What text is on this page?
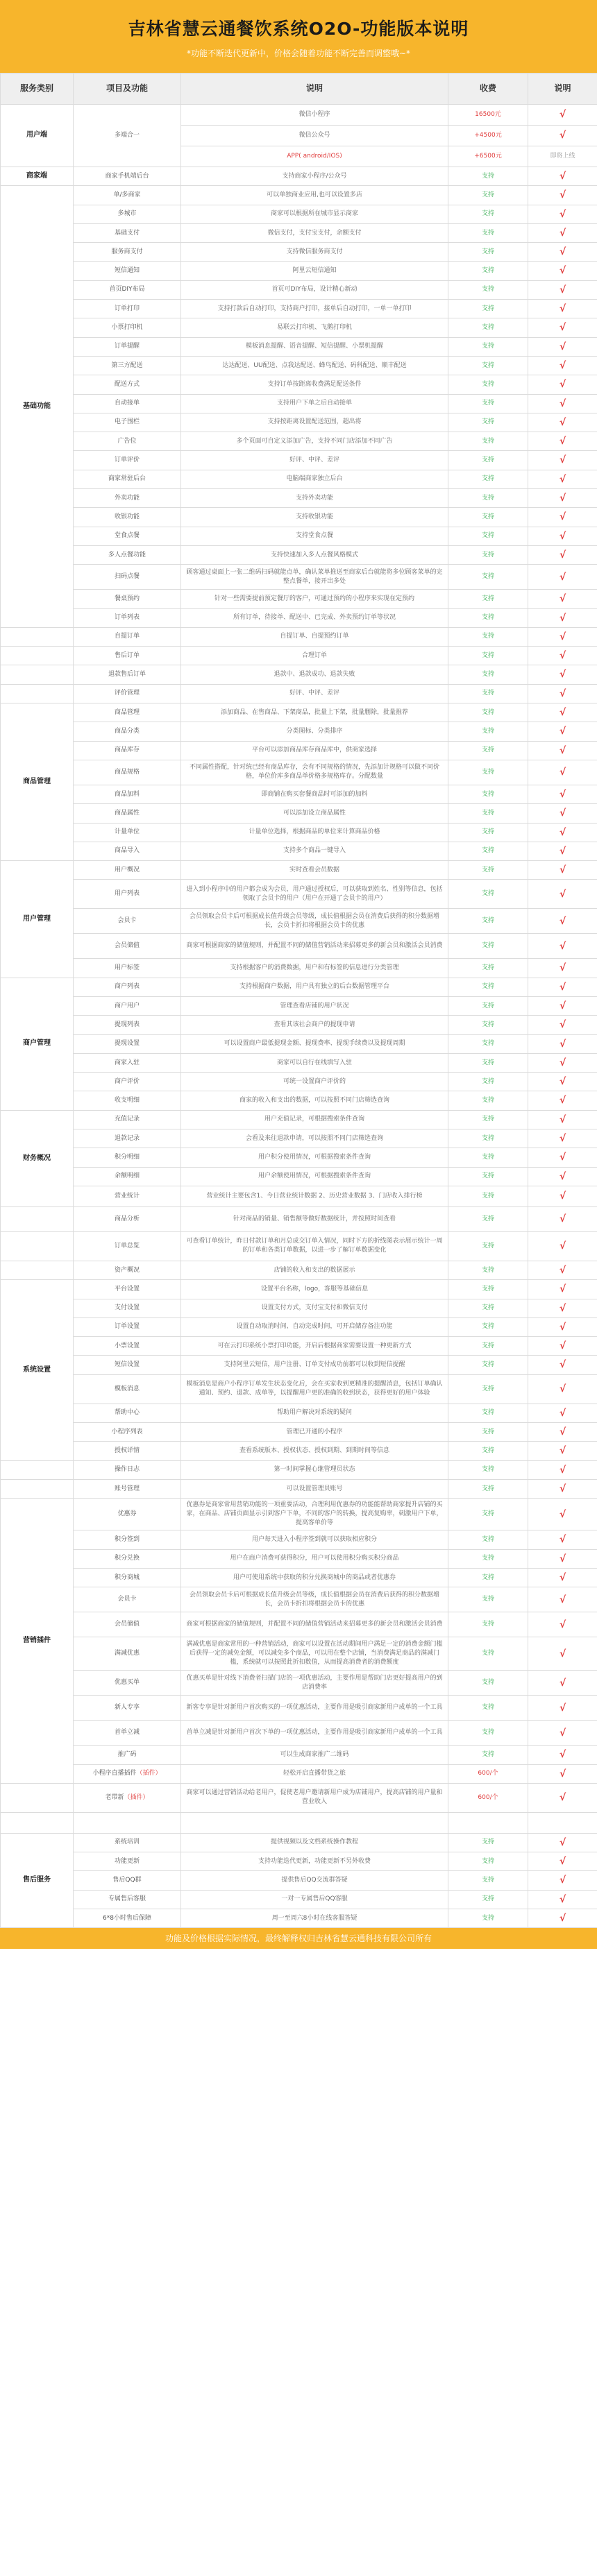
吉林省慧云通餐饮系统O2O-功能版本说明
*功能不断迭代更新中，价格会随着功能不断完善而调整哦~*
服务类别	项目及功能	说明	收费	说明
用户端	多端合一	微信小程序	16500元	√
		微信公众号	+4500元	√
		APP( android/IOS)	+6500元	即将上线
商家端	商家手机端后台	支持商家小程序/公众号	支持	√
基础功能	单/多商家	可以单独商业应用,也可以设置多店	支持	√
	多城市	商家可以根据所在城市显示商家	支持	√
	基础支付	微信支付，支付宝支付，余额支付	支持	√
	服务商支付	支持微信服务商支付	支持	√
	短信通知	阿里云短信通知	支持	√
	首页DIY布局	首页可DIY布局，设计精心新动	支持	√
	订单打印	支持打款后自动打印，支持商户打印，接单后自动打印，一单一单打印	支持	√
	小票打印机	易联云打印机、飞鹅打印机	支持	√
	订单提醒	模板消息提醒、语音提醒、短信提醒、小票机提醒	支持	√
	第三方配送	达达配送、UU配送、点我达配送、蜂鸟配送、码科配送、顺丰配送	支持	√
	配送方式	支持订单按距离收费满足配送条件	支持	√
	自动接单	支持用户下单之后自动接单	支持	√
	电子围栏	支持按距离设置配送范围，超出将	支持	√
	广告位	多个页面可自定义添加广告，支持不同门店添加不同广告	支持	√
	订单评价	好评、中评、差评	支持	√
	商家常驻后台	电脑端商家独立后台	支持	√
	外卖功能	支持外卖功能	支持	√
	收银功能	支持收银功能	支持	√
	堂食点餐	支持堂食点餐	支持	√
	多人点餐功能	支持快速加入多人点餐风格模式	支持	√
	扫码点餐	顾客通过桌面上一张二维码扫码就能点单，确认菜单推送至商家后台就能将多位顾客菜单的完整点餐单，接开出多处	支持	√
	餐桌预约	针对一些需要提前预定餐厅的客户，可通过预约的小程序来实现在定预约	支持	√
	订单列表	所有订单，待接单、配送中、已完成、外卖预约订单等状况	支持	√
	自提订单	自提订单、自提预约订单	支持	√
	售后订单	合理订单	支持	√
	退款售后订单	退款中、退款成功、退款失败	支持	√
	评价管理	好评、中评、差评	支持	√
商品管理	商品管理	添加商品、在售商品、下架商品，批量上下架，批量删除，批量推荐	支持	√
	商品分类	分类图标、分类排序	支持	√
	商品库存	平台可以添加商品库存商品库中，供商家选择	支持	√
	商品规格	不同属性搭配，针对统已经有商品库存，会有不同规格的情况，先添加计规格可以做不同价格，单位价库多商品单价格多规格库存。分配数量	支持	√
	商品加料	即商铺在购买套餐商品时可添加的加料	支持	√
	商品属性	可以添加设立商品属性	支持	√
	计量单位	计量单位选择，根据商品的单位来计算商品价格	支持	√
	商品导入	支持多个商品一键导入	支持	√
用户管理	用户概况	实时查看会员数据	支持	√
	用户列表	进入到小程序中的用户都会成为会员，用户通过授权后，可以获取到姓名、性别等信息，包括领取了会员卡的用户（用户在开通了会员卡的用户）	支持	√
	会员卡	会员领取会员卡后可根据成长值升级会员等级，成长值根据会员在消费后获得的积分数据增长，会员卡折扣将根据会员卡的优惠	支持	√
	会员储值	商家可根据商家的储值规则，并配置不同的储值营销活动来招募更多的新会员和激活会员消费	支持	√
	用户标签	支持根据客户的消费数据，用户和有标签的信息进行分类管理	支持	√
商户管理	商户列表	支持根据商户数据，用户具有独立的后台数据管理平台	支持	√
	商户用户	管理查看店铺的用户状况	支持	√
	提现列表	查看其该社会商户的提现申请	支持	√
	提现设置	可以设置商户最低提现金额、提现费率、提现手续费以及提现周期	支持	√
	商家入驻	商家可以自行在线填写入驻	支持	√
	商户评价	可统一设置商户评价的	支持	√
	收支明细	商家的收入和支出的数据，可以按照不同门店筛选查询	支持	√
财务概况	充值记录	用户充值记录，可根据搜索条件查询	支持	√
	退款记录	会看及来往退款申请，可以按照不同门店筛选查询	支持	√
	积分明细	用户积分使用情况，可根据搜索条件查询	支持	√
	余额明细	用户余额使用情况，可根据搜索条件查询	支持	√
	营业统计	营业统计主要包含1、今日营业统计数据 2、历史营业数据 3、门店收入排行榜	支持	√
	商品分析	针对商品的销量、销售额等做好数据统计，并按照时间查看	支持	√
	订单总览	可查看订单统计，昨日付款订单和月总成交订单入情况，同时下方的折线图表示展示统计一周的订单和各类订单数据，以进一步了解订单数据变化	支持	√
	资产概况	店铺的收入和支出的数据展示	支持	√
系统设置	平台设置	设置平台名称，logo，客服等基础信息	支持	√
	支付设置	设置支付方式，支付宝支付和微信支付	支持	√
	订单设置	设置自动取消时间、自动完成时间，可开启储存备注功能	支持	√
	小票设置	可在云打印系统小票打印功能，开启后根据商家需要设置一种更新方式	支持	√
	短信设置	支持阿里云短信，用户注册、订单支付成功前都可以收到短信提醒	支持	√
	模板消息	模板消息是商户小程序订单发生状态变化后，会在买家收到更精准的提醒消息，包括订单确认通知、预约、退款、成单等，以提醒用户更的准确的收到状态，获得更好的用户体验	支持	√
	帮助中心	帮助用户解决对系统的疑问	支持	√
	小程序列表	管理已开通的小程序	支持	√
	授权详情	查看系统版本、授权状态、授权到期、到期时间等信息	支持	√
	操作日志	第一时间掌握心继管理员状态	支持	√
	账号管理	可以设置管理员账号	支持	√
营销插件	优惠券	优惠券是商家常用营销功能的一项重要活动，合理利用优惠券的功能能帮助商家提升店铺的买家，在商品、店铺页面显示引到客户下单，不同的客户的转换，提高复购率，刺激用户下单，提高客单价等	支持	√
	积分签到	用户每天进入小程序签到就可以获取相应积分	支持	√
	积分兑换	用户在商户消费可获得积分，用户可以使用积分购买积分商品	支持	√
	积分商城	用户可使用系统中获取的积分兑换商城中的商品或者优惠券	支持	√
	会员卡	会员领取会员卡后可根据成长值升级会员等级，成长值根据会员在消费后获得的积分数据增长，会员卡折扣将根据会员卡的优惠	支持	√
	会员储值	商家可根据商家的储值规则，并配置不同的储值营销活动来招募更多的新会员和激活会员消费	支持	√
	满减优惠	满减优惠是商家常用的一种营销活动，商家可以设置在活动期间用户满足一定的消费金额门槛后获得一定的减免金额，可以减免多个商品，可以用在整个店铺，当消费满足商品的满减门槛，系统就可以按照此折扣数值，从而提高消费者的消费额度	支持	√
	优惠买单	优惠买单是针对线下消费者扫描门店的一项优惠活动，主要作用是帮助门店更好提高用户的到店消费率	支持	√
	新人专享	新客专享是针对新用户首次购买的一项优惠活动，主要作用是吸引商家新用户成单的一个工具	支持	√
	首单立减	首单立减是针对新用户首次下单的一项优惠活动，主要作用是吸引商家新用户成单的一个工具	支持	√
	推广码	可以生成商家推广二维码	支持	√
	小程序直播插件（插件）	轻松开启直播带货之旅	600/个	√
	老带新（插件）	商家可以通过营销活动给老用户，促使老用户邀请新用户成为店铺用户，提高店铺的用户量和营业收入	600/个	√

售后服务	系统培训	提供视频以及文档系统操作教程	支持	√
	功能更新	支持功能迭代更新，功能更新不另外收费	支持	√
	售后QQ群	提供售后QQ交流群答疑	支持	√
	专属售后客服	一对一专属售后QQ客服	支持	√
	6*8小时售后保障	周一至周六8小时在线客服答疑	支持	√
功能及价格根据实际情况，最终解释权归吉林省慧云通科技有限公司所有
